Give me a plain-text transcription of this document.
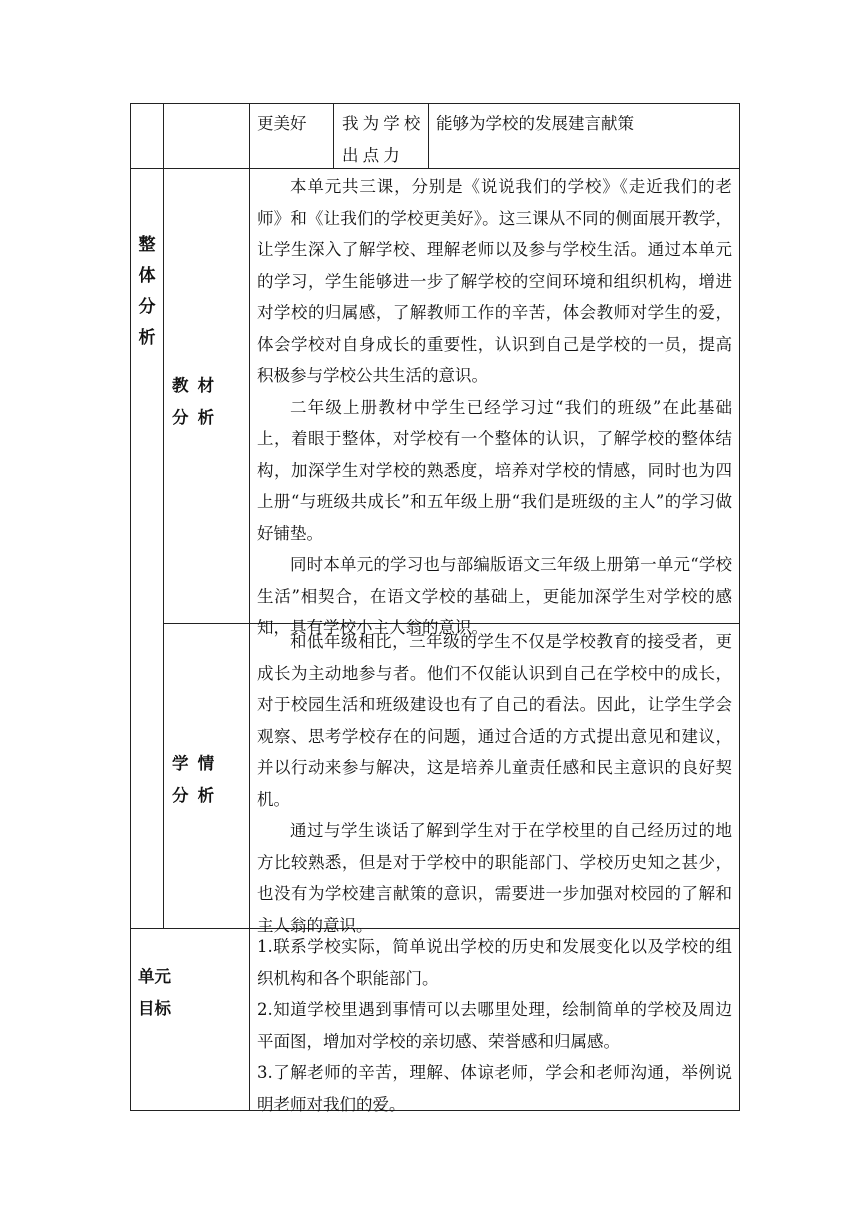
更美好	我为学校出点力
能够为学校的发展建言献策
整
体
分
析
教材分析

本单元共三课，分别是《说说我们的学校》《走近我们的老师》和《让我们的学校更美好》。这三课从不同的侧面展开教学，让学生深入了解学校、理解老师以及参与学校生活。通过本单元的学习，学生能够进一步了解学校的空间环境和组织机构，增进对学校的归属感，了解教师工作的辛苦，体会教师对学生的爱，体会学校对自身成长的重要性，认识到自己是学校的一员，提高积极参与学校公共生活的意识。

二年级上册教材中学生已经学习过“我们的班级”在此基础上，着眼于整体，对学校有一个整体的认识，了解学校的整体结构，加深学生对学校的熟悉度，培养对学校的情感，同时也为四上册“与班级共成长”和五年级上册“我们是班级的主人”的学习做好铺垫。

同时本单元的学习也与部编版语文三年级上册第一单元“学校生活”相契合，在语文学校的基础上，更能加深学生对学校的感知，具有学校小主人翁的意识。

学情分析

和低年级相比，三年级的学生不仅是学校教育的接受者，更成长为主动地参与者。他们不仅能认识到自己在学校中的成长，对于校园生活和班级建设也有了自己的看法。因此，让学生学会观察、思考学校存在的问题，通过合适的方式提出意见和建议，并以行动来参与解决，这是培养儿童责任感和民主意识的良好契机。

通过与学生谈话了解到学生对于在学校里的自己经历过的地方比较熟悉，但是对于学校中的职能部门、学校历史知之甚少，也没有为学校建言献策的意识，需要进一步加强对校园的了解和主人翁的意识。

单元
目标

1.联系学校实际，简单说出学校的历史和发展变化以及学校的组织机构和各个职能部门。

2.知道学校里遇到事情可以去哪里处理，绘制简单的学校及周边平面图，增加对学校的亲切感、荣誉感和归属感。

3.了解老师的辛苦，理解、体谅老师，学会和老师沟通，举例说明老师对我们的爱。
